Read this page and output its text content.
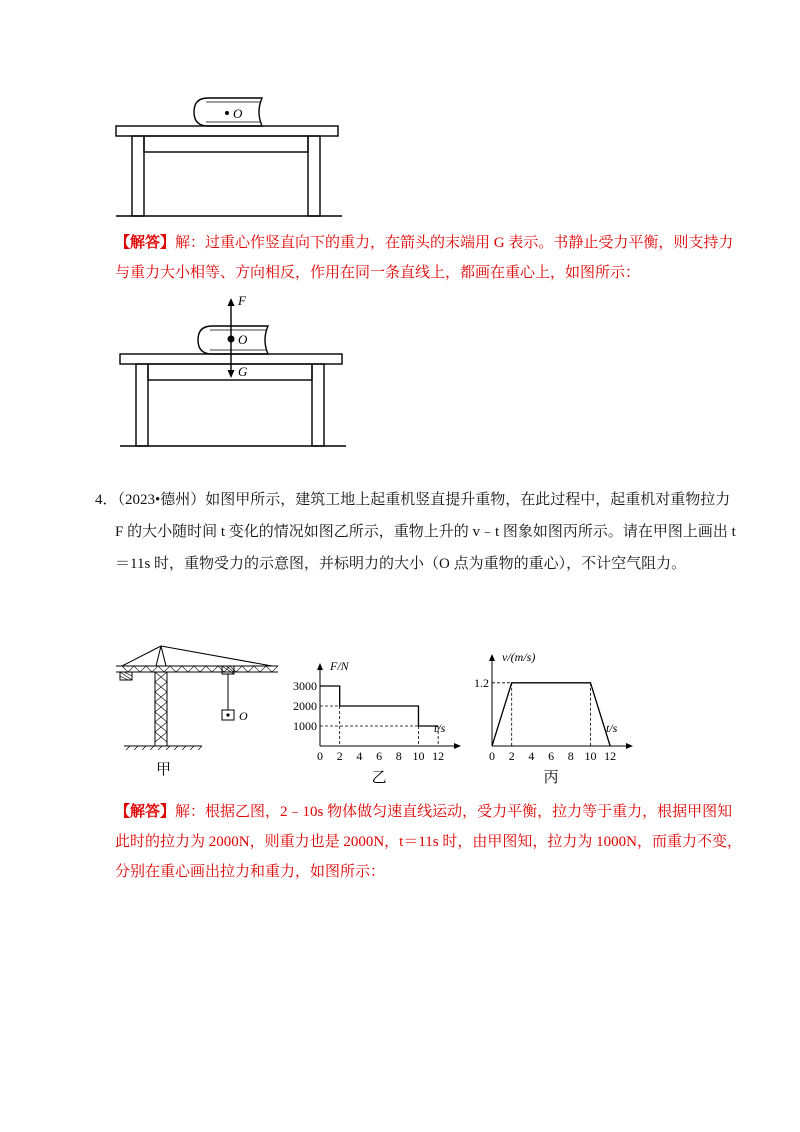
O
【解答】解：过重心作竖直向下的重力，在箭头的末端用 G 表示。书静止受力平衡，则支持力
与重力大小相等、方向相反，作用在同一条直线上，都画在重心上，如图所示：
F
O
G
4．（2023•德州）如图甲所示，建筑工地上起重机竖直提升重物，在此过程中，起重机对重物拉力
F 的大小随时间 t 变化的情况如图乙所示，重物上升的 v﹣t 图象如图丙所示。请在甲图上画出 t
＝11s 时，重物受力的示意图，并标明力的大小（O 点为重物的重心），不计空气阻力。
O
甲
0 2 4 6 8 10 12
1000
2000
3000
F/N
t/s
乙
0 2 4 6 8 10 12
1.2
v/(m/s)
t/s
丙
【解答】解：根据乙图，2﹣10s 物体做匀速直线运动，受力平衡，拉力等于重力，根据甲图知
此时的拉力为 2000N，则重力也是 2000N，t＝11s 时，由甲图知，拉力为 1000N，而重力不变，
分别在重心画出拉力和重力，如图所示：
